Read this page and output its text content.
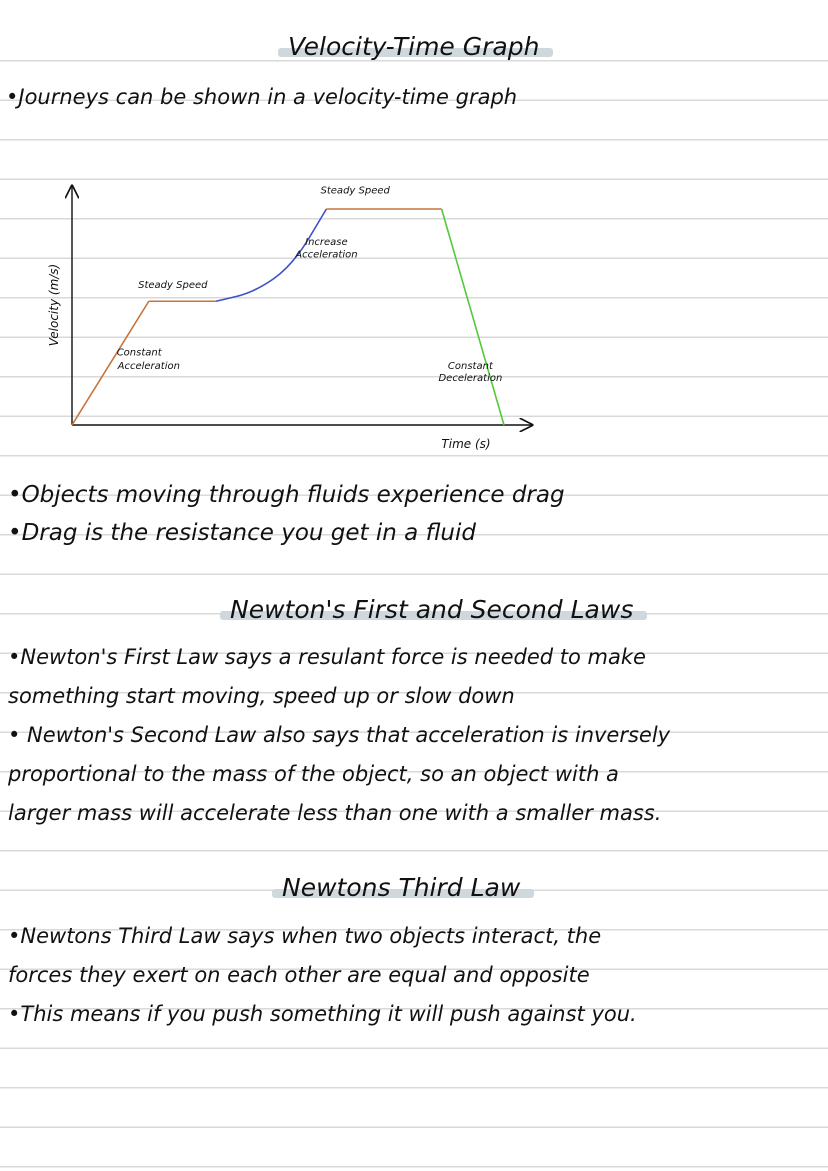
Velocity-Time Graph
•Journeys can be shown in a velocity-time graph
Steady Speed
Steady Speed
Increase
Acceleration
Constant
Acceleration	Constant
Deceleration
Velocity (m/s)
Time (s)
•Objects moving through fluids experience drag
•Drag is the resistance you get in a fluid
Newton's First and Second Laws
•Newton's First Law says a resulant force is needed to make
something start moving, speed up or slow down
• Newton's Second Law also says that acceleration is inversely
proportional to the mass of the object, so an object with a
larger mass will accelerate less than one with a smaller mass.
Newtons Third Law
•Newtons Third Law says when two objects interact, the
forces they exert on each other are equal and opposite
•This means if you push something it will push against you.
